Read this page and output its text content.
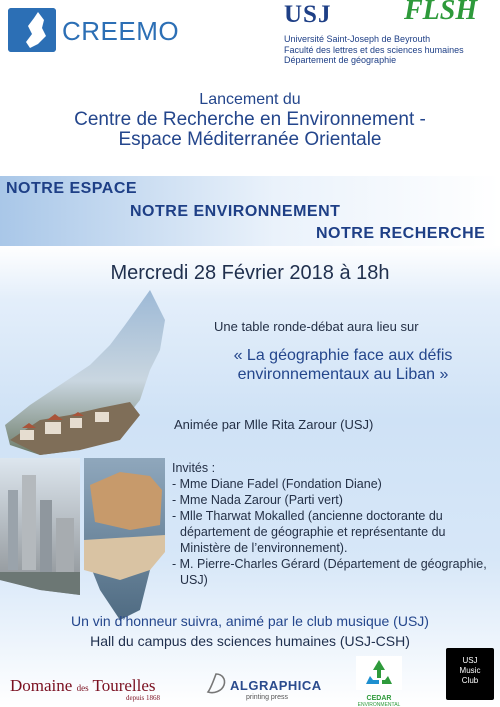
CREEMO
USJ	FLSH
Université Saint-Joseph de Beyrouth
Faculté des lettres et des sciences humaines
Département de géographie
Lancement du
Centre de Recherche en Environnement -
Espace Méditerranée Orientale
NOTRE ESPACE
NOTRE ENVIRONNEMENT
NOTRE RECHERCHE
Mercredi 28 Février 2018 à 18h
Une table ronde-débat aura lieu sur
« La géographie face aux défis
environnementaux au Liban »
Animée par Mlle Rita Zarour (USJ)
Invités :
- Mme Diane Fadel (Fondation Diane)
- Mme Nada Zarour (Parti vert)
- Mlle Tharwat Mokalled (ancienne doctorante du
département de géographie et représentante du
Ministère de l’environnement).
- M. Pierre-Charles Gérard (Département de géographie,
USJ)
Un vin d’honneur suivra, animé par le club musique (USJ)
Hall du campus des sciences humaines (USJ-CSH)
Domaine des Tourelles
depuis 1868
ALGRAPHICA
printing press	CEDAR
ENVIRONMENTAL
USJ
Music
Club
